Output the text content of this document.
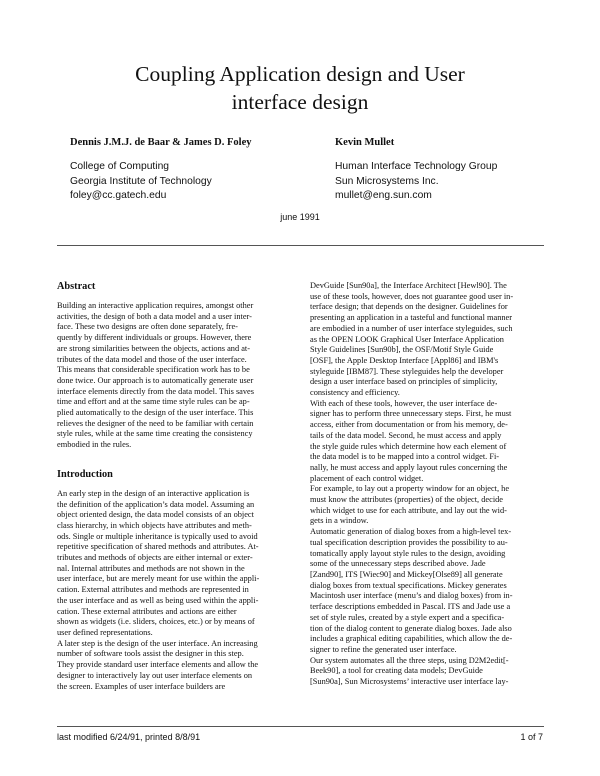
Coupling Application design and User
interface design
Dennis J.M.J. de Baar & James D. Foley	Kevin Mullet
College of Computing
Georgia Institute of Technology
foley@cc.gatech.edu
Human Interface Technology Group
Sun Microsystems Inc.
mullet@eng.sun.com
june 1991
Abstract
Building an interactive application requires, amongst other
activities, the design of both a data model and a user inter-
face. These two designs are often done separately, fre-
quently by different individuals or groups. However, there
are strong similarities between the objects, actions and at-
tributes of the data model and those of the user interface.
This means that considerable specification work has to be
done twice. Our approach is to automatically generate user
interface elements directly from the data model. This saves
time and effort and at the same time style rules can be ap-
plied automatically to the design of the user interface. This
relieves the designer of the need to be familiar with certain
style rules, while at the same time creating the consistency
embodied in the rules.
Introduction
An early step in the design of an interactive application is
the definition of the application’s data model. Assuming an
object oriented design, the data model consists of an object
class hierarchy, in which objects have attributes and meth-
ods. Single or multiple inheritance is typically used to avoid
repetitive specification of shared methods and attributes. At-
tributes and methods of objects are either internal or exter-
nal. Internal attributes and methods are not shown in the
user interface, but are merely meant for use within the appli-
cation. External attributes and methods are represented in
the user interface and as well as being used within the appli-
cation. These external attributes and actions are either
shown as widgets (i.e. sliders, choices, etc.) or by means of
user defined representations.
A later step is the design of the user interface. An increasing
number of software tools assist the designer in this step.
They provide standard user interface elements and allow the
designer to interactively lay out user interface elements on
the screen. Examples of user interface builders are
DevGuide [Sun90a], the Interface Architect [Hewl90]. The
use of these tools, however, does not guarantee good user in-
terface design; that depends on the designer. Guidelines for
presenting an application in a tasteful and functional manner
are embodied in a number of user interface styleguides, such
as the OPEN LOOK Graphical User Interface Application
Style Guidelines [Sun90b], the OSF/Motif Style Guide
[OSF], the Apple Desktop Interface [Appl86] and IBM's
styleguide [IBM87]. These styleguides help the developer
design a user interface based on principles of simplicity,
consistency and efficiency.
With each of these tools, however, the user interface de-
signer has to perform three unnecessary steps. First, he must
access, either from documentation or from his memory, de-
tails of the data model. Second, he must access and apply
the style guide rules which determine how each element of
the data model is to be mapped into a control widget. Fi-
nally, he must access and apply layout rules concerning the
placement of each control widget.
For example, to lay out a property window for an object, he
must know the attributes (properties) of the object, decide
which widget to use for each attribute, and lay out the wid-
gets in a window.
Automatic generation of dialog boxes from a high-level tex-
tual specification description provides the possibility to au-
tomatically apply layout style rules to the design, avoiding
some of the unnecessary steps described above. Jade
[Zand90], ITS [Wiec90] and Mickey[Olse89] all generate
dialog boxes from textual specifications. Mickey generates
Macintosh user interface (menu’s and dialog boxes) from in-
terface descriptions embedded in Pascal. ITS and Jade use a
set of style rules, created by a style expert and a specifica-
tion of the dialog content to generate dialog boxes. Jade also
includes a graphical editing capabilities, which allow the de-
signer to refine the generated user interface.
Our system automates all the three steps, using D2M2edit[-
Beek90], a tool for creating data models; DevGuide
[Sun90a], Sun Microsystems’ interactive user interface lay-
last modified 6/24/91, printed 8/8/91	1 of 7
